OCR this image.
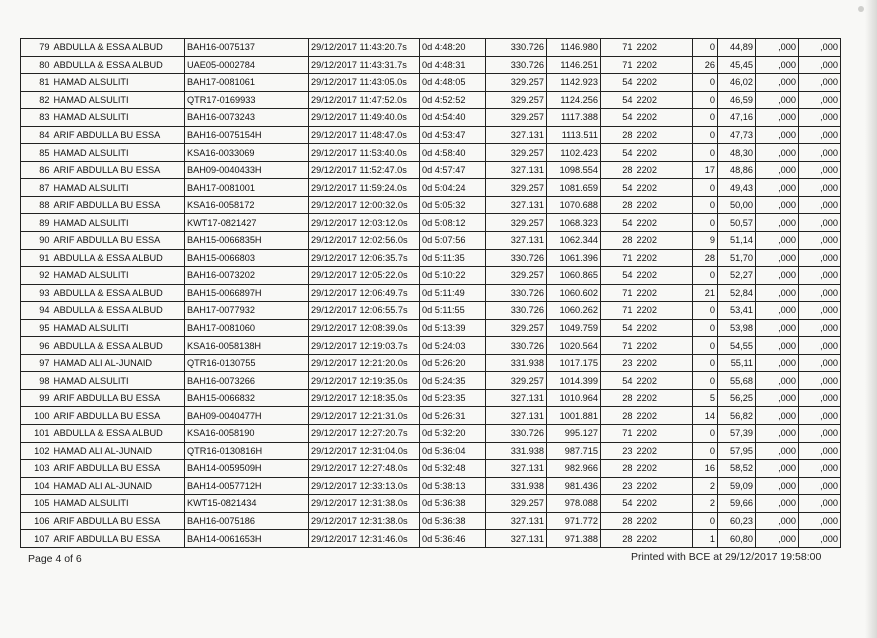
79	ABDULLA & ESSA ALBUD	BAH16-0075137	29/12/2017 11:43:20.7s	0d 4:48:20	330.726	1146.980	71	2202	0	44,89	,000	,000
80	ABDULLA & ESSA ALBUD	UAE05-0002784	29/12/2017 11:43:31.7s	0d 4:48:31	330.726	1146.251	71	2202	26	45,45	,000	,000
81	HAMAD ALSULITI	BAH17-0081061	29/12/2017 11:43:05.0s	0d 4:48:05	329.257	1142.923	54	2202	0	46,02	,000	,000
82	HAMAD ALSULITI	QTR17-0169933	29/12/2017 11:47:52.0s	0d 4:52:52	329.257	1124.256	54	2202	0	46,59	,000	,000
83	HAMAD ALSULITI	BAH16-0073243	29/12/2017 11:49:40.0s	0d 4:54:40	329.257	1117.388	54	2202	0	47,16	,000	,000
84	ARIF ABDULLA BU ESSA	BAH16-0075154H	29/12/2017 11:48:47.0s	0d 4:53:47	327.131	1113.511	28	2202	0	47,73	,000	,000
85	HAMAD ALSULITI	KSA16-0033069	29/12/2017 11:53:40.0s	0d 4:58:40	329.257	1102.423	54	2202	0	48,30	,000	,000
86	ARIF ABDULLA BU ESSA	BAH09-0040433H	29/12/2017 11:52:47.0s	0d 4:57:47	327.131	1098.554	28	2202	17	48,86	,000	,000
87	HAMAD ALSULITI	BAH17-0081001	29/12/2017 11:59:24.0s	0d 5:04:24	329.257	1081.659	54	2202	0	49,43	,000	,000
88	ARIF ABDULLA BU ESSA	KSA16-0058172	29/12/2017 12:00:32.0s	0d 5:05:32	327.131	1070.688	28	2202	0	50,00	,000	,000
89	HAMAD ALSULITI	KWT17-0821427	29/12/2017 12:03:12.0s	0d 5:08:12	329.257	1068.323	54	2202	0	50,57	,000	,000
90	ARIF ABDULLA BU ESSA	BAH15-0066835H	29/12/2017 12:02:56.0s	0d 5:07:56	327.131	1062.344	28	2202	9	51,14	,000	,000
91	ABDULLA & ESSA ALBUD	BAH15-0066803	29/12/2017 12:06:35.7s	0d 5:11:35	330.726	1061.396	71	2202	28	51,70	,000	,000
92	HAMAD ALSULITI	BAH16-0073202	29/12/2017 12:05:22.0s	0d 5:10:22	329.257	1060.865	54	2202	0	52,27	,000	,000
93	ABDULLA & ESSA ALBUD	BAH15-0066897H	29/12/2017 12:06:49.7s	0d 5:11:49	330.726	1060.602	71	2202	21	52,84	,000	,000
94	ABDULLA & ESSA ALBUD	BAH17-0077932	29/12/2017 12:06:55.7s	0d 5:11:55	330.726	1060.262	71	2202	0	53,41	,000	,000
95	HAMAD ALSULITI	BAH17-0081060	29/12/2017 12:08:39.0s	0d 5:13:39	329.257	1049.759	54	2202	0	53,98	,000	,000
96	ABDULLA & ESSA ALBUD	KSA16-0058138H	29/12/2017 12:19:03.7s	0d 5:24:03	330.726	1020.564	71	2202	0	54,55	,000	,000
97	HAMAD ALI AL-JUNAID	QTR16-0130755	29/12/2017 12:21:20.0s	0d 5:26:20	331.938	1017.175	23	2202	0	55,11	,000	,000
98	HAMAD ALSULITI	BAH16-0073266	29/12/2017 12:19:35.0s	0d 5:24:35	329.257	1014.399	54	2202	0	55,68	,000	,000
99	ARIF ABDULLA BU ESSA	BAH15-0066832	29/12/2017 12:18:35.0s	0d 5:23:35	327.131	1010.964	28	2202	5	56,25	,000	,000
100	ARIF ABDULLA BU ESSA	BAH09-0040477H	29/12/2017 12:21:31.0s	0d 5:26:31	327.131	1001.881	28	2202	14	56,82	,000	,000
101	ABDULLA & ESSA ALBUD	KSA16-0058190	29/12/2017 12:27:20.7s	0d 5:32:20	330.726	995.127	71	2202	0	57,39	,000	,000
102	HAMAD ALI AL-JUNAID	QTR16-0130816H	29/12/2017 12:31:04.0s	0d 5:36:04	331.938	987.715	23	2202	0	57,95	,000	,000
103	ARIF ABDULLA BU ESSA	BAH14-0059509H	29/12/2017 12:27:48.0s	0d 5:32:48	327.131	982.966	28	2202	16	58,52	,000	,000
104	HAMAD ALI AL-JUNAID	BAH14-0057712H	29/12/2017 12:33:13.0s	0d 5:38:13	331.938	981.436	23	2202	2	59,09	,000	,000
105	HAMAD ALSULITI	KWT15-0821434	29/12/2017 12:31:38.0s	0d 5:36:38	329.257	978.088	54	2202	2	59,66	,000	,000
106	ARIF ABDULLA BU ESSA	BAH16-0075186	29/12/2017 12:31:38.0s	0d 5:36:38	327.131	971.772	28	2202	0	60,23	,000	,000
107	ARIF ABDULLA BU ESSA	BAH14-0061653H	29/12/2017 12:31:46.0s	0d 5:36:46	327.131	971.388	28	2202	1	60,80	,000	,000
Page 4 of 6	Printed with BCE at 29/12/2017 19:58:00
